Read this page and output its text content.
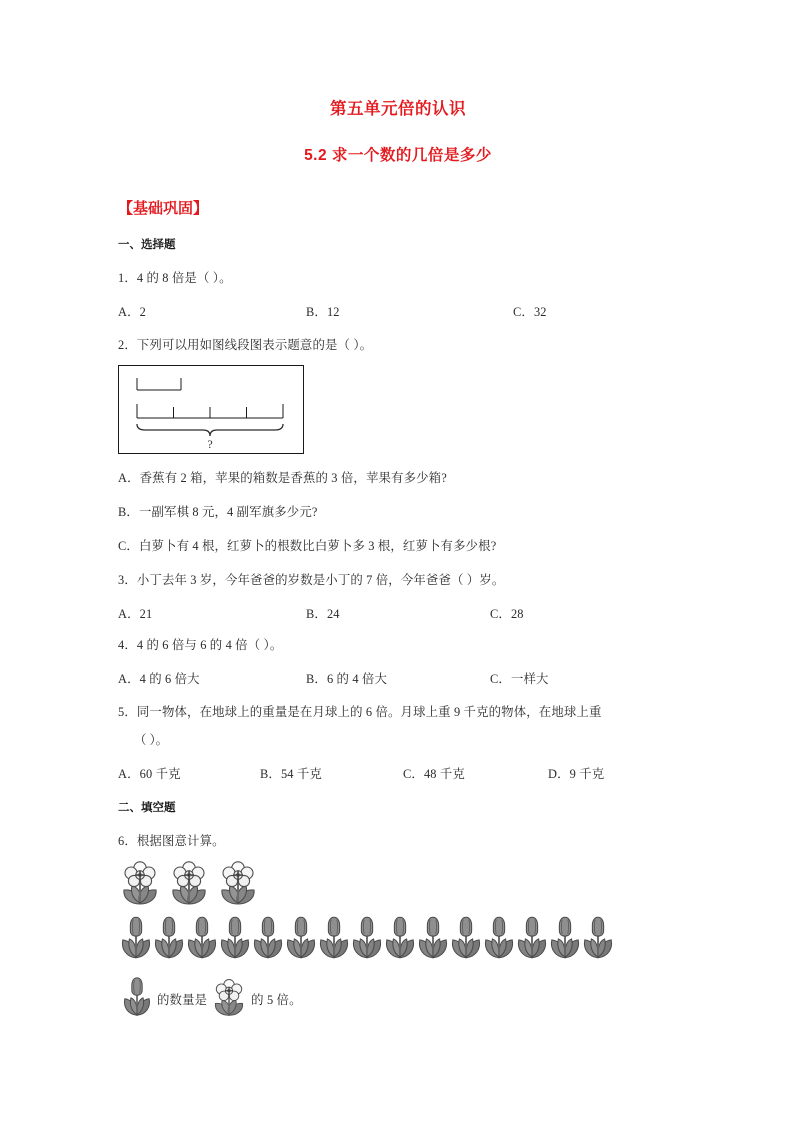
第五单元倍的认识
5.2 求一个数的几倍是多少
【基础巩固】
一、选择题
1．4 的 8 倍是（ ）。
A．2	B．12	C．32
2．下列可以用如图线段图表示题意的是（ ）。
?
A．香蕉有 2 箱，苹果的箱数是香蕉的 3 倍，苹果有多少箱?
B．一副军棋 8 元，4 副军旗多少元?
C．白萝卜有 4 根，红萝卜的根数比白萝卜多 3 根，红萝卜有多少根?
3．小丁去年 3 岁，今年爸爸的岁数是小丁的 7 倍，今年爸爸（ ）岁。
A．21	B．24	C．28
4．4 的 6 倍与 6 的 4 倍（ ）。
A．4 的 6 倍大	B．6 的 4 倍大	C．一样大
5．同一物体，在地球上的重量是在月球上的 6 倍。月球上重 9 千克的物体，在地球上重
（ ）。
A．60 千克	B．54 千克	C．48 千克	D．9 千克
二、填空题
6．根据图意计算。
的数量是	的 5 倍。
